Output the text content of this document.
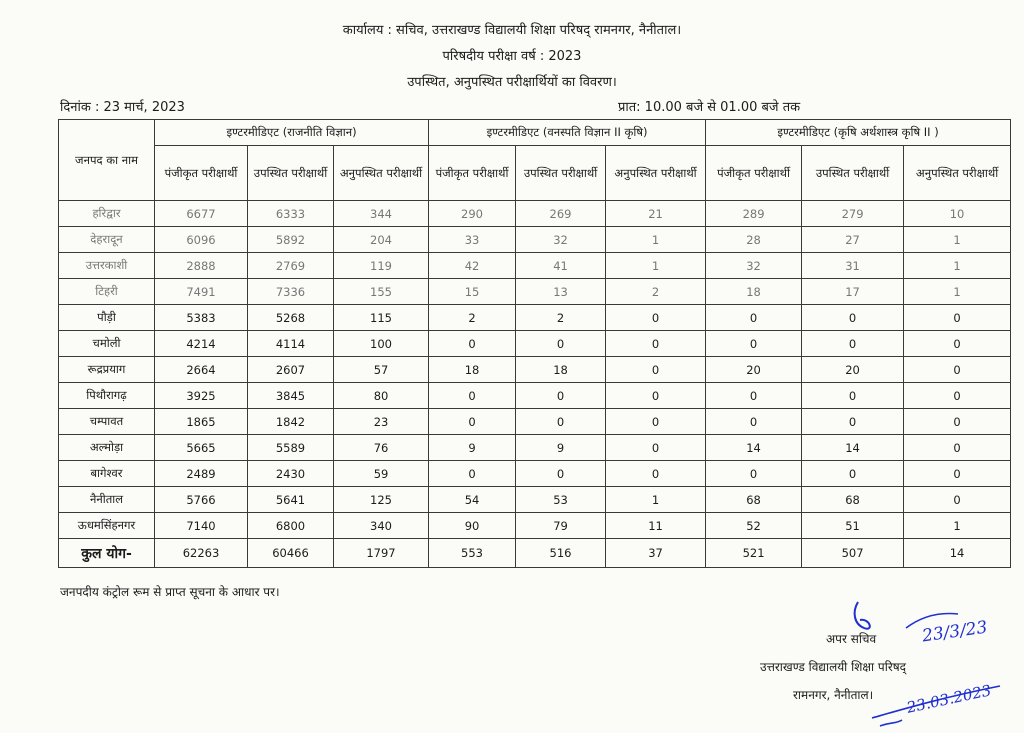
कार्यालय : सचिव, उत्तराखण्ड विद्यालयी शिक्षा परिषद् रामनगर, नैनीताल।
परिषदीय परीक्षा वर्ष : 2023
उपस्थित, अनुपस्थित परीक्षार्थियों का विवरण।
दिनांक : 23 मार्च, 2023	प्रात: 10.00 बजे से 01.00 बजे तक
जनपद का नाम	इण्टरमीडिएट (राजनीति विज्ञान)			इण्टरमीडिएट (वनस्पति विज्ञान II कृषि)			इण्टरमीडिएट (कृषि अर्थशास्त्र कृषि II )		
	पंजीकृत परीक्षार्थी	उपस्थित परीक्षार्थी	अनुपस्थित परीक्षार्थी	पंजीकृत परीक्षार्थी	उपस्थित परीक्षार्थी	अनुपस्थित परीक्षार्थी	पंजीकृत परीक्षार्थी	उपस्थित परीक्षार्थी	अनुपस्थित परीक्षार्थी
हरिद्वार	6677	6333	344	290	269	21	289	279	10
देहरादून	6096	5892	204	33	32	1	28	27	1
उत्तरकाशी	2888	2769	119	42	41	1	32	31	1
टिहरी	7491	7336	155	15	13	2	18	17	1
पौड़ी	5383	5268	115	2	2	0	0	0	0
चमोली	4214	4114	100	0	0	0	0	0	0
रूद्रप्रयाग	2664	2607	57	18	18	0	20	20	0
पिथौरागढ़	3925	3845	80	0	0	0	0	0	0
चम्पावत	1865	1842	23	0	0	0	0	0	0
अल्मोड़ा	5665	5589	76	9	9	0	14	14	0
बागेश्वर	2489	2430	59	0	0	0	0	0	0
नैनीताल	5766	5641	125	54	53	1	68	68	0
ऊधमसिंहनगर	7140	6800	340	90	79	11	52	51	1
कुल योग-	62263	60466	1797	553	516	37	521	507	14
जनपदीय कंट्रोल रूम से प्राप्त सूचना के आधार पर।
23/3/23
23.03.2023
अपर सचिव
उत्तराखण्ड विद्यालयी शिक्षा परिषद्
रामनगर, नैनीताल।
